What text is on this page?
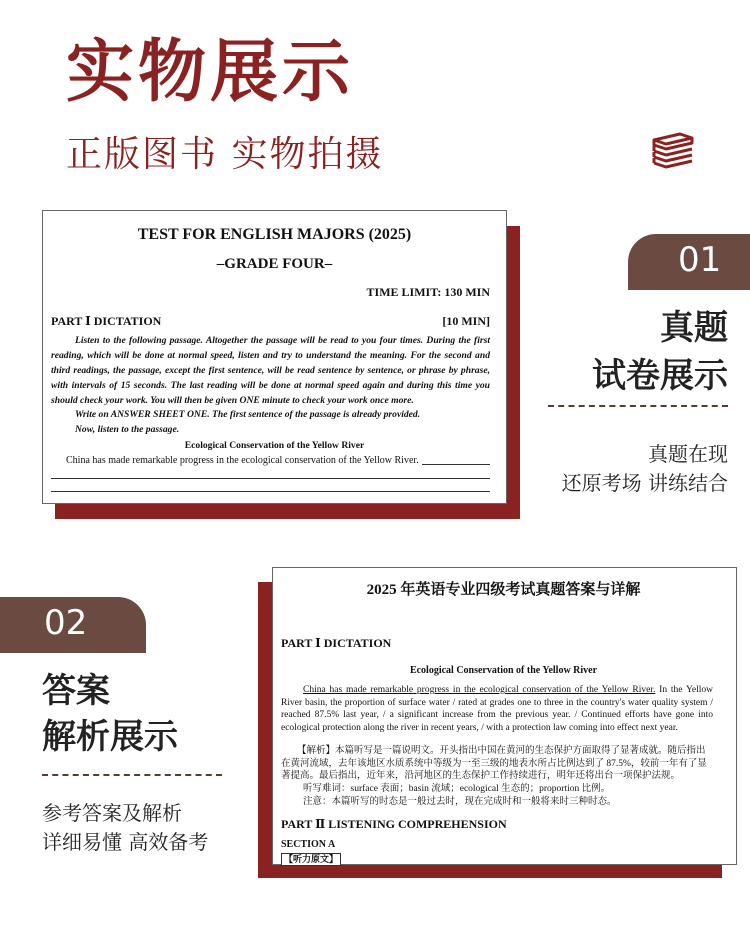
实物展示
正版图书 实物拍摄
TEST FOR ENGLISH MAJORS (2025)
–GRADE FOUR–
TIME LIMIT: 130 MIN
PART Ⅰ DICTATION	[10 MIN]
Listen to the following passage. Altogether the passage will be read to you four times. During the first reading, which will be done at normal speed, listen and try to understand the meaning. For the second and third readings, the passage, except the first sentence, will be read sentence by sentence, or phrase by phrase, with intervals of 15 seconds. The last reading will be done at normal speed again and during this time you should check your work. You will then be given ONE minute to check your work once more.
Write on ANSWER SHEET ONE. The first sentence of the passage is already provided.
Now, listen to the passage.
Ecological Conservation of the Yellow River
China has made remarkable progress in the ecological conservation of the Yellow River.
01
真题
试卷展示
真题在现
还原考场 讲练结合
02
答案
解析展示
参考答案及解析
详细易懂 高效备考
2025 年英语专业四级考试真题答案与详解
PART Ⅰ DICTATION
Ecological Conservation of the Yellow River
China has made remarkable progress in the ecological conservation of the Yellow River. In the Yellow River basin, the proportion of surface water / rated at grades one to three in the country's water quality system / reached 87.5% last year, / a significant increase from the previous year. / Continued efforts have gone into ecological protection along the river in recent years, / with a protection law coming into effect next year.
【解析】本篇听写是一篇说明文。开头指出中国在黄河的生态保护方面取得了显著成就。随后指出在黄河流域，去年该地区水质系统中等级为一至三级的地表水所占比例达到了 87.5%，较前一年有了显著提高。最后指出，近年来，沿河地区的生态保护工作持续进行，明年还将出台一项保护法规。
听写难词：surface 表面；basin 流域；ecological 生态的；proportion 比例。
注意：本篇听写的时态是一般过去时，现在完成时和一般将来时三种时态。
PART Ⅱ LISTENING COMPREHENSION
SECTION A
【听力原文】
